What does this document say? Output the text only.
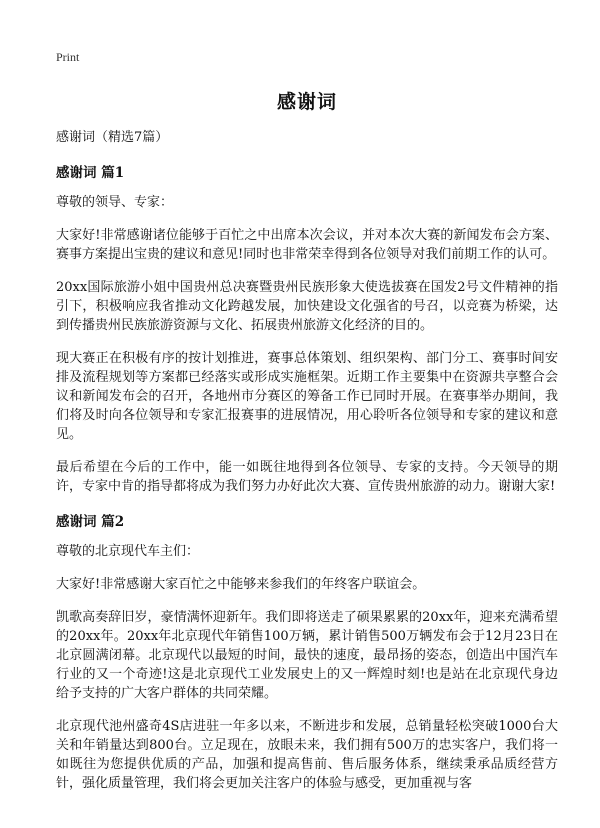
Print
感谢词
感谢词（精选7篇）
感谢词 篇1

尊敬的领导、专家：

大家好!非常感谢诸位能够于百忙之中出席本次会议，并对本次大赛的新闻发布会方案、赛事方案提出宝贵的建议和意见!同时也非常荣幸得到各位领导对我们前期工作的认可。

20xx国际旅游小姐中国贵州总决赛暨贵州民族形象大使选拔赛在国发2号文件精神的指引下，积极响应我省推动文化跨越发展，加快建设文化强省的号召，以竞赛为桥梁，达到传播贵州民族旅游资源与文化、拓展贵州旅游文化经济的目的。

现大赛正在积极有序的按计划推进，赛事总体策划、组织架构、部门分工、赛事时间安排及流程规划等方案都已经落实或形成实施框架。近期工作主要集中在资源共享整合会议和新闻发布会的召开，各地州市分赛区的筹备工作已同时开展。在赛事举办期间，我们将及时向各位领导和专家汇报赛事的进展情况，用心聆听各位领导和专家的建议和意见。

最后希望在今后的工作中，能一如既往地得到各位领导、专家的支持。今天领导的期许，专家中肯的指导都将成为我们努力办好此次大赛、宣传贵州旅游的动力。谢谢大家!

感谢词 篇2

尊敬的北京现代车主们：

大家好!非常感谢大家百忙之中能够来参我们的年终客户联谊会。

凯歌高奏辞旧岁，豪情满怀迎新年。我们即将送走了硕果累累的20xx年，迎来充满希望的20xx年。20xx年北京现代年销售100万辆，累计销售500万辆发布会于12月23日在北京圆满闭幕。北京现代以最短的时间，最快的速度，最昂扬的姿态，创造出中国汽车行业的又一个奇迹!这是北京现代工业发展史上的又一辉煌时刻!也是站在北京现代身边给予支持的广大客户群体的共同荣耀。

北京现代池州盛奇4S店进驻一年多以来，不断进步和发展，总销量轻松突破1000台大关和年销量达到800台。立足现在，放眼未来，我们拥有500万的忠实客户，我们将一如既往为您提供优质的产品，加强和提高售前、售后服务体系，继续秉承品质经营方针，强化质量管理，我们将会更加关注客户的体验与感受，更加重视与客
